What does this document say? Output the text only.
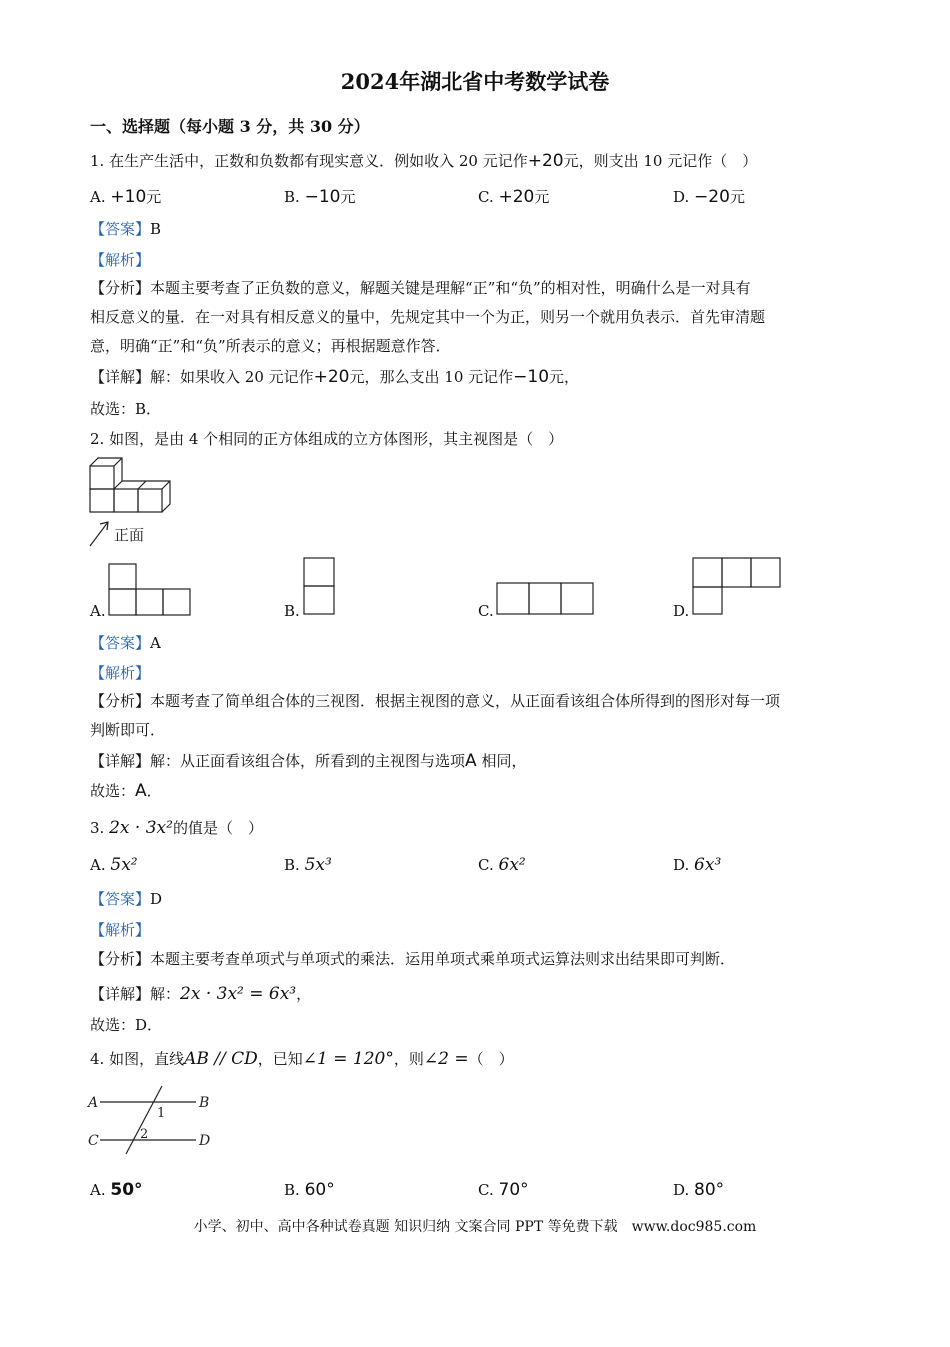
2024年湖北省中考数学试卷
一、选择题（每小题 3 分，共 30 分）
1. 在生产生活中，正数和负数都有现实意义．例如收入 20 元记作+20元，则支出 10 元记作（　）
A. +10元	B. −10元	C. +20元	D. −20元
【答案】B
【解析】
【分析】本题主要考查了正负数的意义，解题关键是理解“正”和“负”的相对性，明确什么是一对具有
相反意义的量．在一对具有相反意义的量中，先规定其中一个为正，则另一个就用负表示．首先审清题
意，明确“正”和“负”所表示的意义；再根据题意作答．
【详解】解：如果收入 20 元记作+20元，那么支出 10 元记作−10元，
故选：B．
2. 如图，是由 4 个相同的正方体组成的立方体图形，其主视图是（　）
正面
A.	B.	C.	D.
【答案】A
【解析】
【分析】本题考查了简单组合体的三视图．根据主视图的意义，从正面看该组合体所得到的图形对每一项
判断即可．
【详解】解：从正面看该组合体，所看到的主视图与选项A 相同，
故选：A．
3. 2x · 3x²的值是（　）
A. 5x²	B. 5x³	C. 6x²	D. 6x³
【答案】D
【解析】
【分析】本题主要考查单项式与单项式的乘法．运用单项式乘单项式运算法则求出结果即可判断．
【详解】解：2x · 3x² = 6x³，
故选：D．
4. 如图，直线AB // CD，已知∠1 = 120°，则∠2 =（　）
A	B
C	D
1
2
A. 50°	B. 60°	C. 70°	D. 80°
小学、初中、高中各种试卷真题 知识归纳 文案合同 PPT 等免费下载　www.doc985.com
